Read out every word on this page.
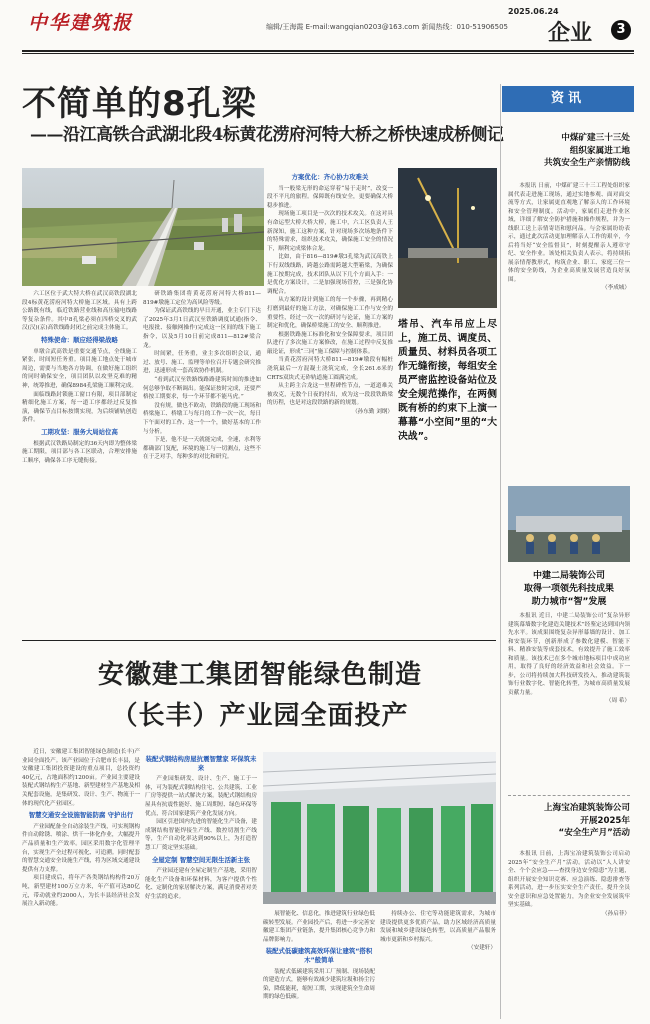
中华建筑报
2025.06.24
编辑/王海霞 E-mail:wangqian0203@163.com 新闻热线：010-51906505 企业	3
不简单的8孔梁
——沿江高铁合武湖北段4标黄花涝府河特大桥之桥快速成桥侧记
六工区位于武大特大桥在武汉高铁段湖北段4标黄花涝府河特大桥施工区域。具有上跨公路既有线，临近铁路营业线和高压输电线路等复杂条件。其中8孔梁必须在四桥交叉的武汉(汉)(京)高铁线路封闭之前完成主体施工。
特殊使命：顺应经得梁战略
单墩合武高铁是重要交通节点，全线施工紧张，时间短任务重。项目施工地点处于城市周边，需要与当地各方协调，在做好施工组织的同时确保安全，项目团队以攻坚克难的精神，统筹推进，确保8984孔梁施工顺利完成。
面临线路封锁施工窗口有限，项目部制定精细化施工方案，每一道工序都经过反复推演，确保节点目标按期实现，为后续铺轨创造条件。
工期攻坚：服务大局站位高
根据武汉铁路局制定的36天内即为整体梁施工期限，项目部与各工区联动，合理安排施工顺序，确保各工序无缝衔接。
研铁路集团将黄花涝府河特大桥811—819#墩施工定位为高风险等级。
为保证武高铁线的早日开通，业主专门下达了2025年3月1日武汉至铁路调度试通(指令、电报批、接触网操作)完成这一区间的线下施工指令，以及5月10日前完成811—812#梁合龙。
时间紧，任务重，业主多次组织会议，通过、放号、施工、监理等单位召开专题会研究推进，迅速形成一套高效协作机制。
“看到武汉至铁路线路路建筑时间的推进如何总够争取不断调出。能保证按时完成，还要严格按工期要求，每一个环节都不能马虎。”
没有规，做也不欧动，铁路段的施工现场和桥梁施工、桥墩工与每月的工作一次一次，每日下午面对的工作、这一个一个，做好基本的工作与分析。
下是，他不是一天就能完成，全速，水利等都确部门复配，环境的施工与一切测点，这些不在于乏对手，每种多的对比和研究。
方案优化：齐心协力攻难关
当一般梁无形的命运穿着“易于走时”，改变一段不平凡的旅程。保障既有线安全，更要确保大桥稳步推进。
现场施工项目是一次次的技术攻关。在这对具有命运型大桥大桥大桥，施工中，六工区负责人王新深知，施工这种方案，针对现场多次场地条件下的特殊需求，组织技术攻关，确保施工安全的情况下，顺利完成梁体合龙。
比如，由于816—819#墩3孔梁为武汉高铁上下行双线线路，跨越公路需跨越大型箱梁，为确保施工按期完成，技术团队从以下几个方面入手：一是优化方案设计，二是加强现场管控，三是强化协调配合。
从方案的设计到施工的每一个步骤，再到精心打磨到最好的施工方法，对确保施工工作与安全的重要性，经过一次一次的研讨与论证，施工方案的制定和优化，确保桥梁施工的安全、顺利推进。
根据铁路施工标准化和安全保障要求，项目团队进行了多次施工方案修改，在施工过程中反复推敲论证，形成“三同”施工保障与控制体系。
当黄花涝府河特大桥811—819#墩段有幅桩浇筑最后一方混凝土浇筑完成，全长261.6米的CRTS双块式无砟轨道施工圆满完成。
从主跨主合龙这一里程碑性节点，一道道难关被攻克，无数个日夜的付出，成为这一段段铁路梁的历程，也是对这段铁路的新的规划。
（孙东勤 刘纲）
塔吊、汽车吊应上尽上，施工员、调度员、质量员、材料员各项工作无缝衔接，每组安全员严密监控设备站位及安全规范操作，在两侧既有桥的约束下上演一幕幕“小空间”里的“大决战”。
资讯
中煤矿建三十三处
组织家属进工地
共筑安全生产亲情防线
本报讯 日前，中煤矿建三十三工程处组织家属代表走进施工现场，通过实地参观、面对面交流等方式，让家属更直观地了解亲人的工作环境和安全管理制度。活动中，家属们走进作业区域，详细了解安全防护措施和操作规程，并为一线职工送上亲情寄语和慰问品。与会家属纷纷表示，通过此次活动更加理解亲人工作的艰辛，今后将当好“安全监督员”，时刻提醒亲人遵章守纪、安全作业。该处相关负责人表示，将持续拓展亲情帮教形式，构筑企业、职工、家庭三位一体的安全防线，为企业高质量发展营造良好氛围。
（李成城）
中建二局装饰公司
取得一项领先科技成果
助力城市“智”发展
本报讯 近日，中建二局装饰公司“复杂异形建筑幕墙数字化建造关键技术”经鉴定达到国内领先水平。该成果围绕复杂异形幕墙的设计、加工和安装环节，创新形成了参数化建模、智能下料、精准安装等成套技术，有效提升了施工效率和质量。该技术已在多个城市地标项目中成功应用，取得了良好的经济效益和社会效益。下一步，公司将持续加大科技研发投入，推动建筑装饰行业数字化、智能化转型，为城市高质量发展贡献力量。
（周 希）
上海宝冶建筑装饰公司
开展2025年
“安全生产月”活动
本报讯 日前，上海宝冶建筑装饰公司启动2025年“安全生产月”活动。活动以“人人讲安全、个个会应急——查找身边安全隐患”为主题，组织开展安全知识竞赛、应急演练、隐患排查等系列活动，进一步压实安全生产责任，提升全员安全意识和应急处置能力，为企业安全发展筑牢坚实基础。
（孙启菲）
安徽建工集团智能绿色制造
（长丰）产业园全面投产
近日，安徽建工集团智能绿色制造(长丰)产业园全面投产。该产业园位于合肥市长丰县，是安徽建工集团投资建设的重点项目，总投资约40亿元，占地面积约1200亩。产业园主要建设装配式钢结构生产基地、新型建材生产基地及相关配套设施，是集研发、设计、生产、物流于一体的现代化产业园区。
智慧交通安全设施智能防腐 守护出行
产业园配备全自动涂装生产线，可实现钢构件自动除锈、喷涂、烘干一体化作业，大幅提升产品质量和生产效率。园区采用数字化管理平台，实现生产全过程可视化、可追溯。同时配套的智慧交通安全设施生产线，将为区域交通建设提供有力支撑。
项目建成后，将年产各类钢结构构件20万吨，新型建材100万立方米，年产值可达80亿元，带动就业约2000人，为长丰县经济社会发展注入新动能。
装配式钢结构房屋抗震智慧家 环保筑未来
产业园集研发、设计、生产、施工于一体，可为装配式钢结构住宅、公共建筑、工业厂房等提供一站式解决方案。装配式钢结构房屋具有抗震性能好、施工周期短、绿色环保等优点，符合国家建筑产业化发展方向。
园区引进国内先进的智能化生产设备，建成钢结构智能焊接生产线、数控切割生产线等，生产自动化率达到90%以上，为打造智慧工厂奠定坚实基础。
全屋定制 智慧空间无限生活新主张
产业园还建有全屋定制生产基地，采用智能化生产设备和环保材料，为客户提供个性化、定制化的家居解决方案，满足消费者对美好生活的追求。
展智能化、信息化，推进建筑行业绿色低碳转型发展。产业园投产后，将进一步完善安徽建工集团产业链条，提升集团核心竞争力和品牌影响力。
装配式低碳建筑高效环保让建筑“搭积木”般简单
装配式低碳建筑采用工厂预制、现场装配的建造方式，能够有效减少建筑垃圾和扬尘污染，降低能耗，缩短工期，实现建筑全生命周期的绿色低碳。
持续办公、住宅等功能建筑需求，为城市建设提供更多优质产品，助力区域经济高质量发展和城乡建设绿色转型，以高质量产品服务城市更新和乡村振兴。
（安建轩）
